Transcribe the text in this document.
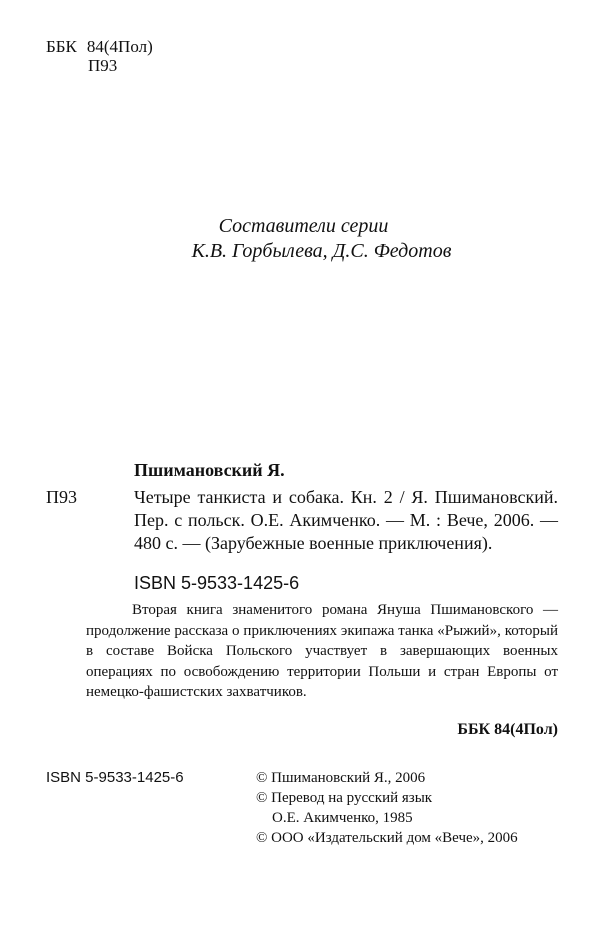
ББК 84(4Пол)
П93
Составители серии
К.В. Горбылева, Д.С. Федотов
Пшимановский Я.
П93	Четыре танкиста и собака. Кн. 2 / Я. Пшимановский. Пер. с польск. О.Е. Акимченко. — М. : Вече, 2006. — 480 с. — (Зарубежные военные приключения).
ISBN 5-9533-1425-6
Вторая книга знаменитого романа Януша Пшимановского — продолжение рассказа о приключениях экипажа танка «Рыжий», который в составе Войска Польского участвует в завершающих военных операциях по освобождению территории Польши и стран Европы от немецко-фашистских захватчиков.
ББК 84(4Пол)
ISBN 5-9533-1425-6	© Пшимановский Я., 2006
© Перевод на русский язык
О.Е. Акимченко, 1985
© ООО «Издательский дом «Вече», 2006
